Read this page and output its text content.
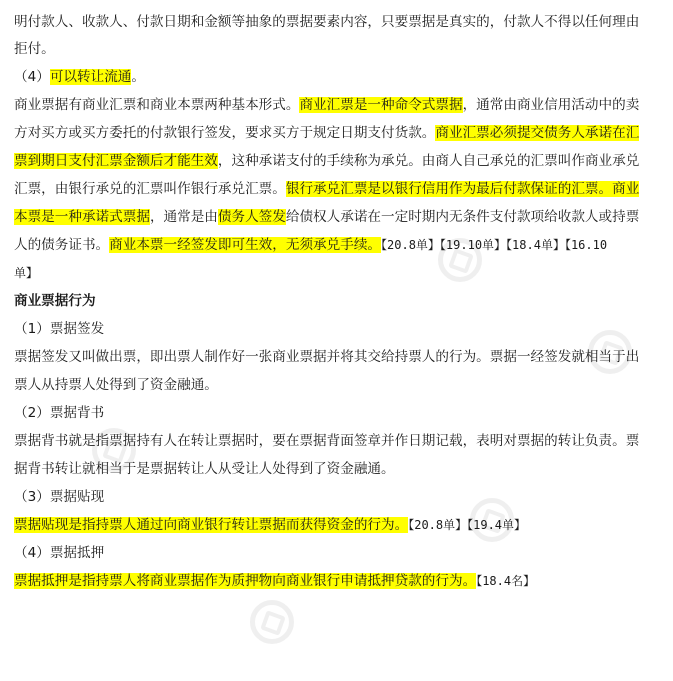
明付款人、收款人、付款日期和金额等抽象的票据要素内容，只要票据是真实的，付款人不得以任何理由
拒付。
（4）可以转让流通。
商业票据有商业汇票和商业本票两种基本形式。商业汇票是一种命令式票据，通常由商业信用活动中的卖
方对买方或买方委托的付款银行签发，要求买方于规定日期支付货款。商业汇票必须提交债务人承诺在汇
票到期日支付汇票金额后才能生效，这种承诺支付的手续称为承兑。由商人自己承兑的汇票叫作商业承兑
汇票，由银行承兑的汇票叫作银行承兑汇票。银行承兑汇票是以银行信用作为最后付款保证的汇票。商业
本票是一种承诺式票据，通常是由债务人签发给债权人承诺在一定时期内无条件支付款项给收款人或持票
人的债务证书。商业本票一经签发即可生效，无须承兑手续。【20.8单】【19.10单】【18.4单】【16.10
单】
商业票据行为
（1）票据签发
票据签发又叫做出票，即出票人制作好一张商业票据并将其交给持票人的行为。票据一经签发就相当于出
票人从持票人处得到了资金融通。
（2）票据背书
票据背书就是指票据持有人在转让票据时，要在票据背面签章并作日期记载，表明对票据的转让负责。票
据背书转让就相当于是票据转让人从受让人处得到了资金融通。
（3）票据贴现
票据贴现是指持票人通过向商业银行转让票据而获得资金的行为。【20.8单】【19.4单】
（4）票据抵押
票据抵押是指持票人将商业票据作为质押物向商业银行申请抵押贷款的行为。【18.4名】
